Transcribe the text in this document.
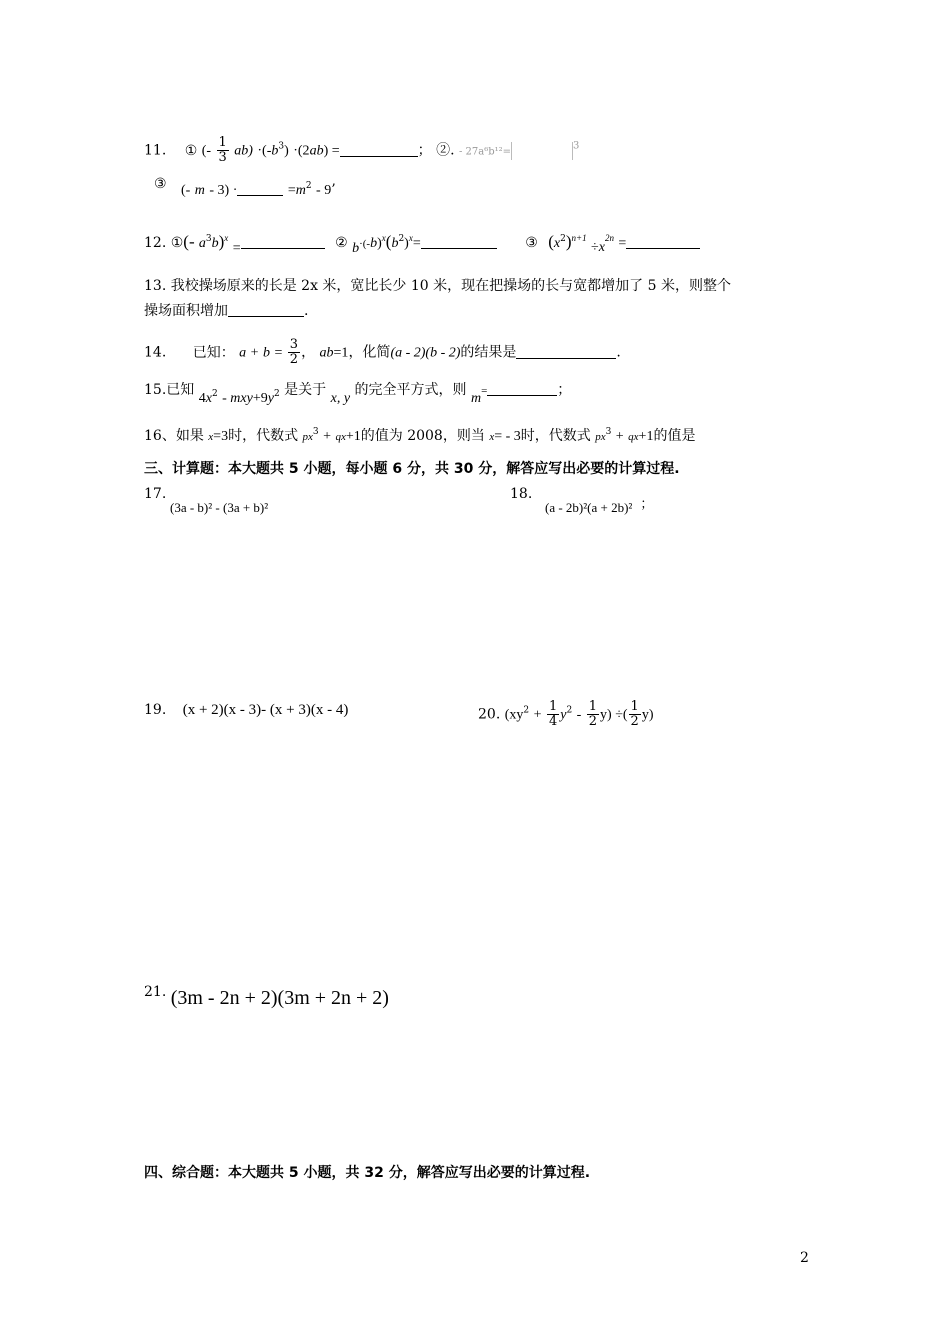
11. ① (- $\frac{1}{3} ab) \cdot(-b^3) \cdot(2ab)$ =	； ②. - 27a⁶b¹²=$^3$
③ (- m - 3) ·	$=m^2 - 9$’
12. ①(- $a^3b)^x$ =	② $b\cdot(-b)^x(b^2)^x=$	③ $(x^2)^{n+1} \div x^{2n}$ =
13. 我校操场原来的长是 2x 米，宽比长少 10 米，现在把操场的长与宽都增加了 5 米，则整个
操场面积增加	.
14. 已知： $a + b = \frac{3}{2}$ ， ab=1，化简(a - 2)(b - 2)的结果是	.
15.已知 $4x^2 - mxy+9y^2$ 是关于 x, y 的完全平方式，则 m=	；
16、如果 x=3时，代数式 $px^3 + qx+1$的值为 2008，则当 x= - 3时，代数式 $px^3 + qx+1$的值是
三、计算题：本大题共 5 小题，每小题 6 分，共 30 分，解答应写出必要的计算过程.
17.
(3a - b)² - (3a + b)²
18.
(a - 2b)²(a + 2b)² ；
19. (x + 2)(x - 3)- (x + 3)(x - 4)	20. $(xy^2 + \frac{1}{4} y^2 - \frac{1}{2} y)$ ÷( $\frac{1}{2} y$)
21. (3m - 2n + 2)(3m + 2n + 2)
四、综合题：本大题共 5 小题，共 32 分，解答应写出必要的计算过程.
2
